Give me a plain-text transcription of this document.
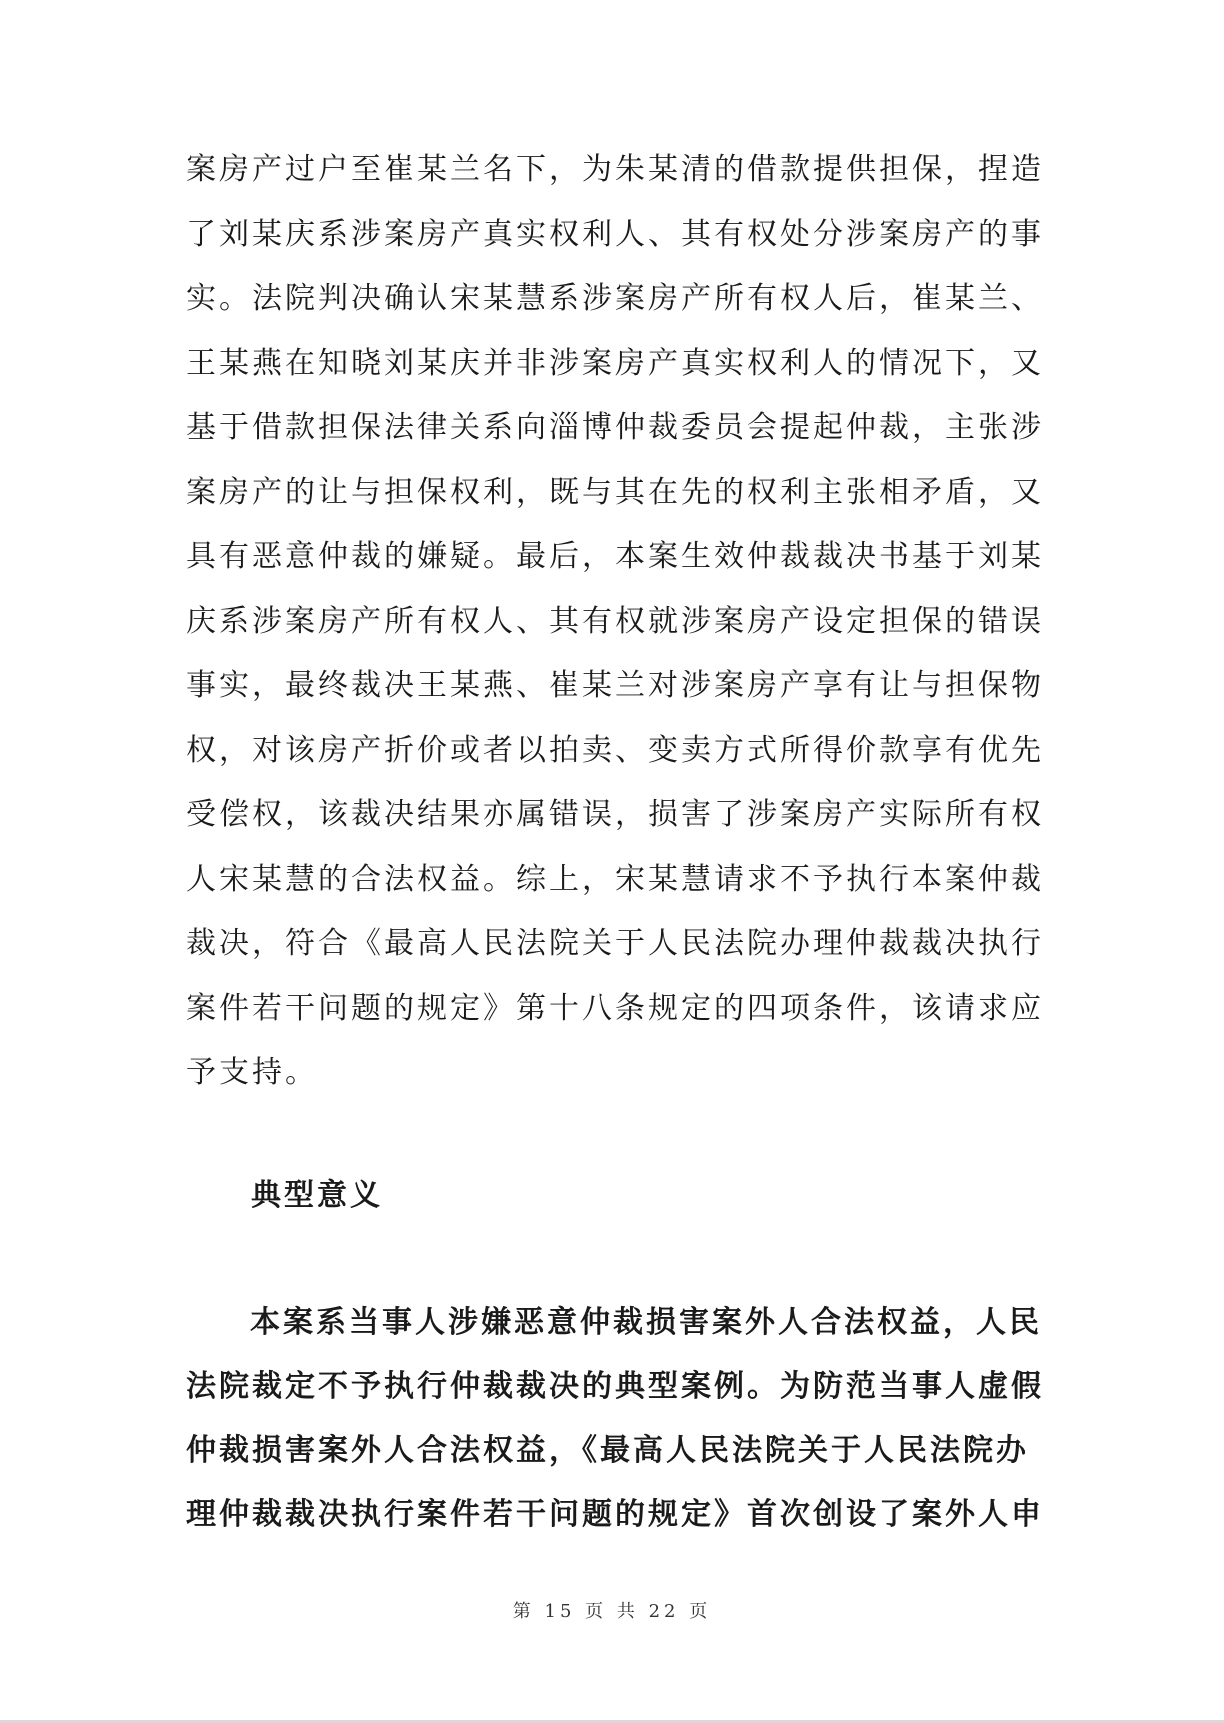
案房产过户至崔某兰名下，为朱某清的借款提供担保，捏造
了刘某庆系涉案房产真实权利人、其有权处分涉案房产的事
实。法院判决确认宋某慧系涉案房产所有权人后，崔某兰、
王某燕在知晓刘某庆并非涉案房产真实权利人的情况下，又
基于借款担保法律关系向淄博仲裁委员会提起仲裁，主张涉
案房产的让与担保权利，既与其在先的权利主张相矛盾，又
具有恶意仲裁的嫌疑。最后，本案生效仲裁裁决书基于刘某
庆系涉案房产所有权人、其有权就涉案房产设定担保的错误
事实，最终裁决王某燕、崔某兰对涉案房产享有让与担保物
权，对该房产折价或者以拍卖、变卖方式所得价款享有优先
受偿权，该裁决结果亦属错误，损害了涉案房产实际所有权
人宋某慧的合法权益。综上，宋某慧请求不予执行本案仲裁
裁决，符合《最高人民法院关于人民法院办理仲裁裁决执行
案件若干问题的规定》第十八条规定的四项条件，该请求应
予支持。
典型意义
本案系当事人涉嫌恶意仲裁损害案外人合法权益，人民
法院裁定不予执行仲裁裁决的典型案例。为防范当事人虚假
仲裁损害案外人合法权益，《最高人民法院关于人民法院办
理仲裁裁决执行案件若干问题的规定》首次创设了案外人申
第 15 页 共 22 页
